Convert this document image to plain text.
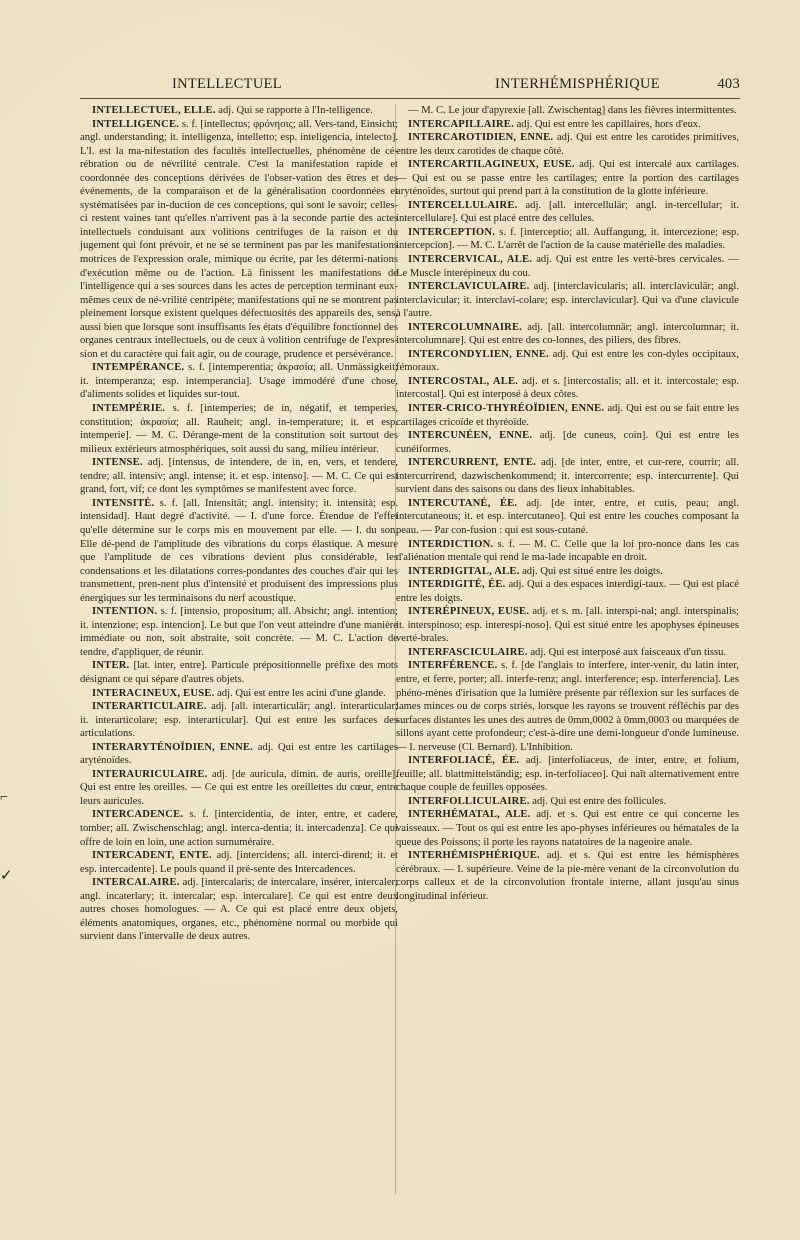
INTELLECTUEL	INTERHÉMISPHÉRIQUE	403

INTELLECTUEL, ELLE. adj. Qui se rapporte à l'In-telligence.

INTELLIGENCE. s. f. [intellectus; φρόνησις; all. Vers-tand, Einsicht; angl. understanding; it. intelligenza, intelletto; esp. inteligencia, intelecto]. L'I. est la ma-nifestation des facultés intellectuelles, phénomène de cé-rébration ou de névrilité centrale. C'est la manifestation rapide et coordonnée des conceptions dérivées de l'obser-vation des êtres et des événements, de la comparaison et de la généralisation coordonnées et systématisées par in-duction de ces conceptions, qui sont le savoir; celles-ci restent vaines tant qu'elles n'arrivent pas à la seconde partie des actes intellectuels conduisant aux volitions centrifuges de la raison et du jugement qui font prévoir, et ne se se terminent pas par les manifestations motrices de l'expression orale, mimique ou écrite, par les détermi-nations d'exécution même ou de l'action. Là finissent les manifestations de l'intelligence qui a ses sources dans les actes de perception terminant eux-mêmes ceux de né-vrilité centripète; manifestations qui ne se montrent pas pleinement lorsque existent quelques défectuosités des appareils des, sens, aussi bien que lorsque sont insuffisants les états d'équilibre fonctionnel des organes centraux intellectuels, ou de ceux à volition centrifuge de l'expres-sion et du caractère qui fait agir, ou de courage, prudence et persévérance.

INTEMPÉRANCE. s. f. [intemperentia; ἀκρασία; all. Unmässigkeit; it. intemperanza; esp. intemperancia]. Usage immodéré d'une chose, d'aliments solides et liquides sur-tout.

INTEMPÉRIE. s. f. [intemperies; de in, négatif, et temperies, constitution; ἀκρασία; all. Rauheit; angl. in-temperature; it. et esp. intemperie]. — M. C. Dérange-ment de la constitution soit surtout des milieux extérieurs atmosphériques, soit aussi du sang, milieu intérieur.

INTENSE. adj. [intensus, de intendere, de in, en, vers, et tendere, tendre; all. intensiv; angl. intense; it. et esp. intenso]. — M. C. Ce qui est grand, fort, vif; ce dont les symptômes se manifestent avec force.

INTENSITÉ. s. f. [all. Intensität; angl. intensity; it. intensità; esp. intensidad]. Haut degré d'activité. — I. d'une force. Étendue de l'effet qu'elle détermine sur le corps mis en mouvement par elle. — I. du son. Elle dé-pend de l'amplitude des vibrations du corps élastique. A mesure que l'amplitude de ces vibrations devient plus considérable, les condensations et les dilatations corres-pondantes des couches d'air qui les transmettent, pren-nent plus d'intensité et produisent des impressions plus énergiques sur les terminaisons du nerf acoustique.

INTENTION. s. f. [intensio, propositum; all. Absicht; angl. intention; it. intenzione; esp. intencion]. Le but que l'on veut atteindre d'une manière immédiate ou non, soit abstraite, soit concrète. — M. C. L'action de tendre, d'appliquer, de réunir.

INTER. [lat. inter, entre]. Particule prépositionnelle préfixe des mots désignant ce qui sépare d'autres objets.

INTERACINEUX, EUSE. adj. Qui est entre les acini d'une glande.

INTERARTICULAIRE. adj. [all. interarticulär; angl. interarticular; it. interarticolare; esp. interarticular]. Qui est entre les surfaces des articulations.

INTERARYTÉNOÏDIEN, ENNE. adj. Qui est entre les cartilages aryténoïdes.

INTERAURICULAIRE. adj. [de auricula, dimin. de auris, oreille]. Qui est entre les oreilles. — Ce qui est entre les oreillettes du cœur, entre leurs auricules.

INTERCADENCE. s. f. [intercidentia, de inter, entre, et cadere, tomber; all. Zwischenschlag; angl. interca-dentia; it. intercadenza]. Ce qui offre de loin en loin, une action surnuméraire.

INTERCADENT, ENTE. adj. [intercidens; all. interci-dirend; it. et esp. intercadente]. Le pouls quand il pré-sente des Intercadences.

INTERCALAIRE. adj. [intercalaris; de intercalare, insérer, intercaler; angl. incaterlary; it. intercalar; esp. intercalare]. Ce qui est entre deux autres choses homologues. — A. Ce qui est placé entre deux objets, éléments anatomiques, organes, etc., phénomène normal ou morbide qui survient dans l'intervalle de deux autres.

— M. C. Le jour d'apyrexie [all. Zwischentag] dans les fièvres intermittentes.

INTERCAPILLAIRE. adj. Qui est entre les capillaires, hors d'eux.

INTERCAROTIDIEN, ENNE. adj. Qui est entre les carotides primitives, entre les deux carotides de chaque côté.

INTERCARTILAGINEUX, EUSE. adj. Qui est intercalé aux cartilages. — Qui est ou se passe entre les cartilages; entre la portion des cartilages aryténoïdes, surtout qui prend part à la constitution de la glotte inférieure.

INTERCELLULAIRE. adj. [all. intercellulär; angl. in-tercellular; it. intercellulare]. Qui est placé entre des cellules.

INTERCEPTION. s. f. [interceptio; all. Auffangung, it. intercezione; esp. intercepcion]. — M. C. L'arrêt de l'action de la cause matérielle des maladies.

INTERCERVICAL, ALE. adj. Qui est entre les vertè-bres cervicales. — Le Muscle interépineux du cou.

INTERCLAVICULAIRE. adj. [interclavicularis; all. interclaviculär; angl. interclavicular; it. interclavi-colare; esp. interclavicular]. Qui va d'une clavicule à l'autre.

INTERCOLUMNAIRE. adj. [all. intercolumnär; angl. intercolumnar; it. intercolumnare]. Qui est entre des co-lonnes, des piliers, des fibres.

INTERCONDYLIEN, ENNE. adj. Qui est entre les con-dyles occipitaux, fémoraux.

INTERCOSTAL, ALE. adj. et s. [intercostalis; all. et it. intercostale; esp. intercostal]. Qui est interposé à deux côtes.

INTER-CRICO-THYRÉOÏDIEN, ENNE. adj. Qui est ou se fait entre les cartilages cricoïde et thyréoïde.

INTERCUNÉEN, ENNE. adj. [de cuneus, coin]. Qui est entre les cunéiformes.

INTERCURRENT, ENTE. adj. [de inter, entre, et cur-rere, courrir; all. intercurrirend, dazwischenkommend; it. intercorrente; esp. intercurrente]. Qui survient dans des saisons ou dans des lieux inhabitables.

INTERCUTANÉ, ÉE. adj. [de inter, entre, et cutis, peau; angl. intercutaneous; it. et esp. intercutaneo]. Qui est entre les couches composant la peau. — Par con-fusion : qui est sous-cutané.

INTERDICTION. s. f. — M. C. Celle que la loi pro-nonce dans les cas d'aliénation mentale qui rend le ma-lade incapable en droit.

INTERDIGITAL, ALE. adj. Qui est situé entre les doigts.

INTERDIGITÉ, ÉE. adj. Qui a des espaces interdigi-taux. — Qui est placé entre les doigts.

INTERÉPINEUX, EUSE. adj. et s. m. [all. interspi-nal; angl. interspinalis; it. interspinoso; esp. interespi-noso]. Qui est situé entre les apophyses épineuses verté-brales.

INTERFASCICULAIRE. adj. Qui est interposé aux faisceaux d'un tissu.

INTERFÉRENCE. s. f. [de l'anglais to interfere, inter-venir, du latin inter, entre, et ferre, porter; all. interfe-renz; angl. interference; esp. interferencia]. Les phéno-mènes d'irisation que la lumière présente par réflexion sur les surfaces de lames minces ou de corps striés, lorsque les rayons se trouvent réfléchis par des surfaces distantes les unes des autres de 0mm,0002 à 0mm,0003 ou marquées de sillons ayant cette profondeur; c'est-à-dire une demi-longueur d'onde lumineuse. — I. nerveuse (Cl. Bernard). L'Inhibition.

INTERFOLIACÉ, ÉE. adj. [interfoliaceus, de inter, entre, et folium, feuille; all. blattmittelständig; esp. in-terfoliaceo]. Qui naît alternativement entre chaque couple de feuilles opposées.

INTERFOLLICULAIRE. adj. Qui est entre des follicules.

INTERHÉMATAL, ALE. adj. et s. Qui est entre ce qui concerne les vaisseaux. — Tout os qui est entre les apo-physes inférieures ou hématales de la queue des Poissons; il porte les rayons natatoires de la nageoire anale.

INTERHÉMISPHÉRIQUE. adj. et s. Qui est entre les hémisphères cérébraux. — I. supérieure. Veine de la pie-mère venant de la circonvolution du corps calleux et de la circonvolution frontale interne, allant jusqu'au sinus longitudinal inférieur.

⌐
✓
